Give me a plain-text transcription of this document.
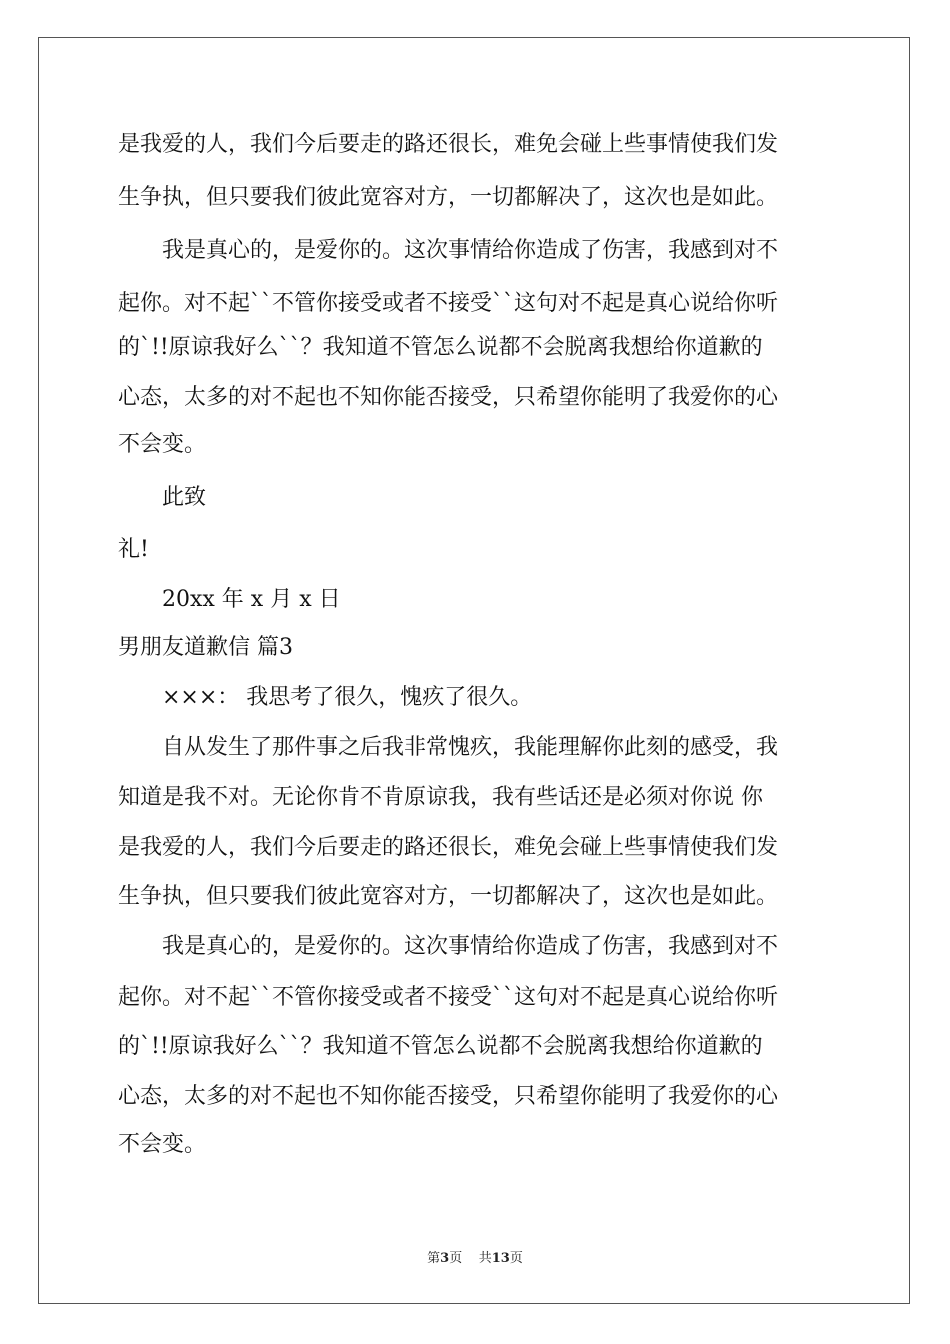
是我爱的人，我们今后要走的路还很长，难免会碰上些事情使我们发
生争执，但只要我们彼此宽容对方，一切都解决了，这次也是如此。
我是真心的，是爱你的。这次事情给你造成了伤害，我感到对不
起你。对不起``不管你接受或者不接受``这句对不起是真心说给你听
的`!!原谅我好么``？我知道不管怎么说都不会脱离我想给你道歉的
心态，太多的对不起也不知你能否接受，只希望你能明了我爱你的心
不会变。
此致
礼!
20xx 年 x 月 x 日
男朋友道歉信 篇3
×××： 我思考了很久，愧疚了很久。
自从发生了那件事之后我非常愧疚，我能理解你此刻的感受，我
知道是我不对。无论你肯不肯原谅我，我有些话还是必须对你说 你
是我爱的人，我们今后要走的路还很长，难免会碰上些事情使我们发
生争执，但只要我们彼此宽容对方，一切都解决了，这次也是如此。
我是真心的，是爱你的。这次事情给你造成了伤害，我感到对不
起你。对不起``不管你接受或者不接受``这句对不起是真心说给你听
的`!!原谅我好么``？我知道不管怎么说都不会脱离我想给你道歉的
心态，太多的对不起也不知你能否接受，只希望你能明了我爱你的心
不会变。
第3页 共13页
